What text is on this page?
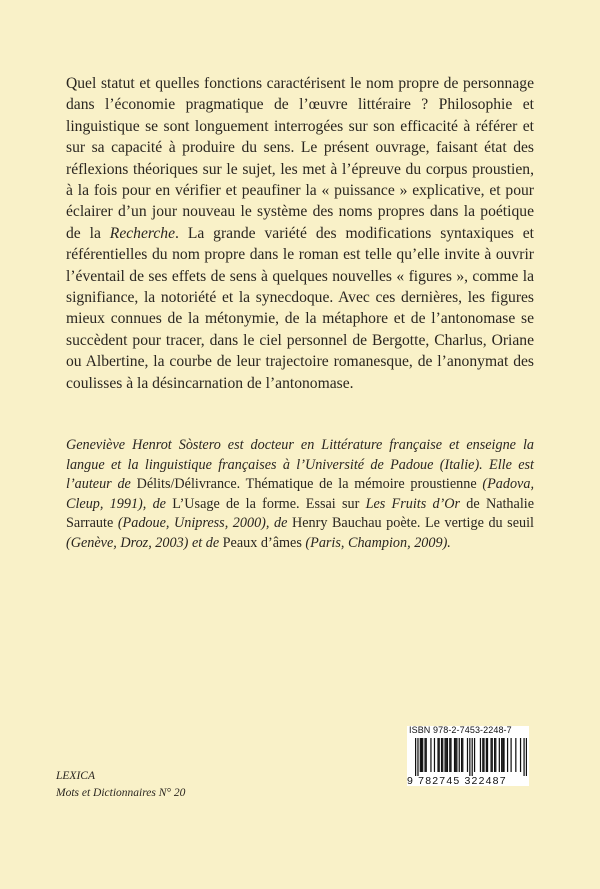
Quel statut et quelles fonctions caractérisent le nom propre de personnage dans l’économie pragmatique de l’œuvre littéraire ? Philosophie et linguistique se sont longuement interrogées sur son efficacité à référer et sur sa capacité à produire du sens. Le présent ouvrage, faisant état des réflexions théoriques sur le sujet, les met à l’épreuve du corpus proustien, à la fois pour en vérifier et peaufiner la « puissance » explicative, et pour éclairer d’un jour nouveau le système des noms propres dans la poétique de la Recherche. La grande variété des modifications syntaxiques et référentielles du nom propre dans le roman est telle qu’elle invite à ouvrir l’éventail de ses effets de sens à quelques nouvelles « figures », comme la signifiance, la notoriété et la synecdoque. Avec ces dernières, les figures mieux connues de la métonymie, de la métaphore et de l’antonomase se succèdent pour tracer, dans le ciel personnel de Bergotte, Charlus, Oriane ou Albertine, la courbe de leur trajectoire romanesque, de l’anonymat des coulisses à la désincarnation de l’antonomase.

Geneviève Henrot Sòstero est docteur en Littérature française et enseigne la langue et la linguistique françaises à l’Université de Padoue (Italie). Elle est l’auteur de Délits/Délivrance. Thématique de la mémoire proustienne (Padova, Cleup, 1991), de L’Usage de la forme. Essai sur Les Fruits d’Or de Nathalie Sarraute (Padoue, Unipress, 2000), de Henry Bauchau poète. Le vertige du seuil (Genève, Droz, 2003) et de Peaux d’âmes (Paris, Champion, 2009).

LEXICA
Mots et Dictionnaires N° 20
ISBN 978-2-7453-2248-7
9 782745 322487
